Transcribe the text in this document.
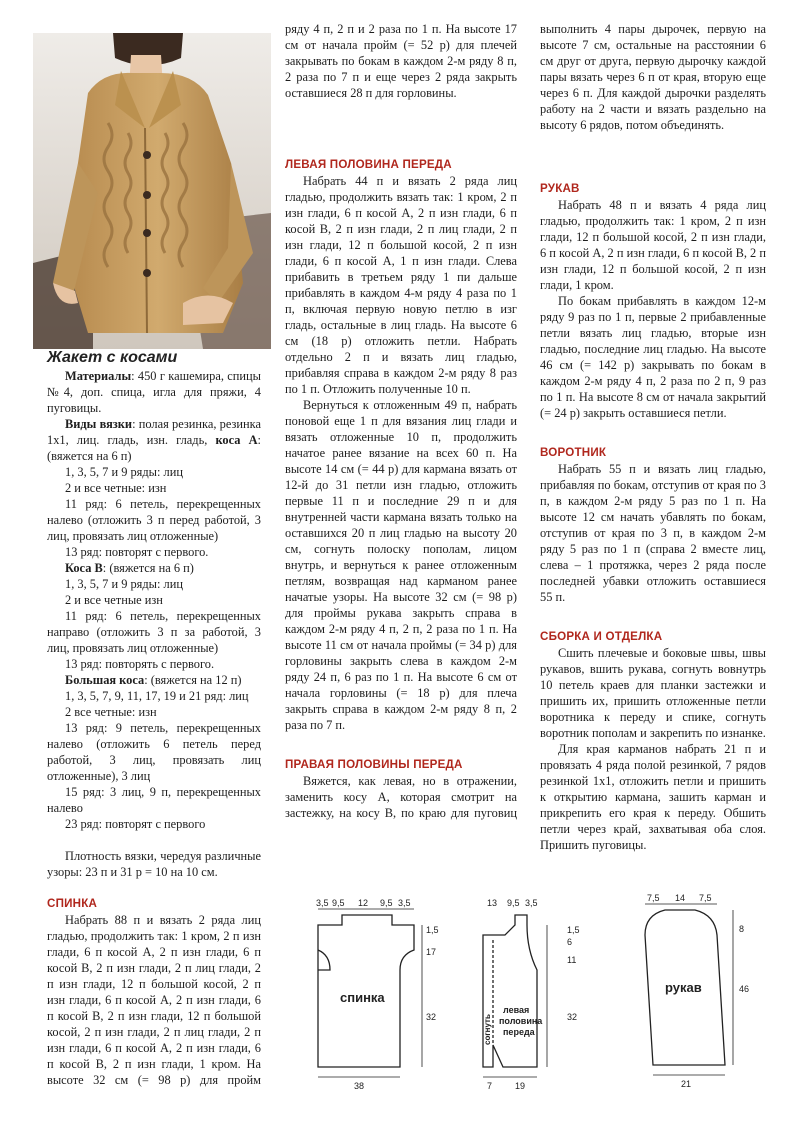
Жакет с косами

Материалы: 450 г кашемира, спицы №4, доп. спица, игла для пряжи, 4 пуговицы.

Виды вязки: полая резинка, резинка 1x1, лиц. гладь, изн. гладь, коса А: (вяжется на 6 п)

1, 3, 5, 7 и 9 ряды: лиц

2 и все четные: изн

11 ряд: 6 петель, перекрещенных налево (отложить 3 п перед работой, 3 лиц, провязать лиц отложенные)

13 ряд: повторят с первого.

Коса В: (вяжется на 6 п)

1, 3, 5, 7 и 9 ряды: лиц

2 и все четные изн

11 ряд: 6 петель, перекрещенных направо (отложить 3 п за работой, 3 лиц, провязать лиц отложенные)

13 ряд: повторять с первого.

Большая коса: (вяжется на 12 п)

1, 3, 5, 7, 9, 11, 17, 19 и 21 ряд: лиц

2 все четные: изн

13 ряд: 9 петель, перекрещенных налево (отложить 6 петель перед работой, 3 лиц, провязать лиц отложенные), 3 лиц

15 ряд: 3 лиц, 9 п, перекрещенных налево

23 ряд: повторят с первого

Плотность вязки, чередуя различные узоры: 23 п и 31 р = 10 на 10 см.

СПИНКА

Набрать 88 п и вязать 2 ряда лиц гладью, продолжить так: 1 кром, 2 п изн глади, 6 п косой А, 2 п изн глади, 6 п косой В, 2 п изн глади, 2 п лиц глади, 2 п изн глади, 12 п большой косой, 2 п изн глади, 6 п косой А, 2 п изн глади, 6 п косой В, 2 п изн глади, 12 п большой косой, 2 п изн глади, 2 п лиц глади, 2 п изн глади, 6 п косой А, 2 п изн глади, 6 п косой В, 2 п изн глади, 1 кром. На высоте 32 см (= 98 р) для пройм

ряду 4 п, 2 п и 2 раза по 1 п. На высоте 17 см от начала пройм (= 52 р) для плечей закрывать по бокам в каждом 2-м ряду 8 п, 2 раза по 7 п и еще через 2 ряда закрыть оставшиеся 28 п для горловины.

ЛЕВАЯ ПОЛОВИНА ПЕРЕДА

Набрать 44 п и вязать 2 ряда лиц гладью, продолжить вязать так: 1 кром, 2 п изн глади, 6 п косой А, 2 п изн глади, 6 п косой В, 2 п изн глади, 2 п лиц глади, 2 п изн глади, 12 п большой косой, 2 п изн глади, 6 п косой А, 1 п изн глади. Слева прибавить в третьем ряду 1 пи дальше прибавлять в каждом 4-м ряду 4 раза по 1 п, включая первую новую петлю в изг гладь, остальные в лиц гладь. На высоте 6 см (18 р) отложить петли. Набрать отдельно 2 п и вязать лиц гладью, прибавляя справа в каждом 2-м ряду 8 раз по 1 п. Отложить полученные 10 п.

Вернуться к отложенным 49 п, набрать поновой еще 1 п для вязания лиц глади и вязать отложенные 10 п, продолжить начатое ранее вязание на всех 60 п. На высоте 14 см (= 44 р) для кармана вязать от 12-й до 31 петли изн гладью, отложить первые 11 п и последние 29 п и для внутренней части кармана вязать только на оставшихся 20 п лиц гладью на высоту 20 см, согнуть полоску пополам, лицом внутрь, и вернуться к ранее отложенным петлям, возвращая над карманом ранее начатые узоры. На высоте 32 см (= 98 р) для проймы рукава закрыть справа в каждом 2-м ряду 4 п, 2 п, 2 раза по 1 п. На высоте 11 см от начала проймы (= 34 р) для горловины закрыть слева в каждом 2-м ряду 24 п, 6 раз по 1 п. На высоте 6 см от начала горловины (= 18 р) для плеча закрыть справа в каждом 2-м ряду 8 п, 2 раза по 7 п.

ПРАВАЯ ПОЛОВИНЫ ПЕРЕДА

Вяжется, как левая, но в отражении, заменить косу А, которая смотрит на застежку, на косу В, по краю для пуговиц

выполнить 4 пары дырочек, первую на высоте 7 см, остальные на расстоянии 6 см друг от друга, первую дырочку каждой пары вязать через 6 п от края, вторую еще через 6 п. Для каждой дырочки разделять работу на 2 части и вязать раздельно на высоту 6 рядов, потом объединять.

РУКАВ

Набрать 48 п и вязать 4 ряда лиц гладью, продолжить так: 1 кром, 2 п изн глади, 12 п большой косой, 2 п изн глади, 6 п косой А, 2 п изн глади, 6 п косой В, 2 п изн глади, 12 п большой косой, 2 п изн глади, 1 кром.

По бокам прибавлять в каждом 12-м ряду 9 раз по 1 п, первые 2 прибавленные петли вязать лиц гладью, вторые изн гладью, последние лиц гладью. На высоте 46 см (= 142 р) закрывать по бокам в каждом 2-м ряду 4 п, 2 раза по 2 п, 9 раз по 1 п. На высоте 8 см от начала закрытий (= 24 р) закрыть оставшиеся петли.

ВОРОТНИК

Набрать 55 п и вязать лиц гладью, прибавляя по бокам, отступив от края по 3 п, в каждом 2-м ряду 5 раз по 1 п. На высоте 12 см начать убавлять по бокам, отступив от края по 3 п, в каждом 2-м ряду 5 раз по 1 п (справа 2 вместе лиц, слева – 1 протяжка, через 2 ряда после последней убавки отложить оставшиеся 55 п.

СБОРКА И ОТДЕЛКА

Сшить плечевые и боковые швы, швы рукавов, вшить рукава, согнуть вовнутрь 10 петель краев для планки застежки и пришить их, пришить отложенные петли воротника к переду и спике, согнуть воротник пополам и закрепить по изнанке.

Для края карманов набрать 21 п и провязать 4 ряда полой резинкой, 7 рядов резинкой 1x1, отложить петли и пришить к открытию кармана, зашить карман и прикрепить его края к переду. Обшить петли через край, захватывая оба слоя. Пришить пуговицы.

3,5 9,5 12 9,5 3,5
1,5
17
32
38
спинка
13 9,5 3,5
1,5
6
11
32
7	19
согнуть
левая
половина
переда
7,5 14 7,5
8
46
21
рукав
